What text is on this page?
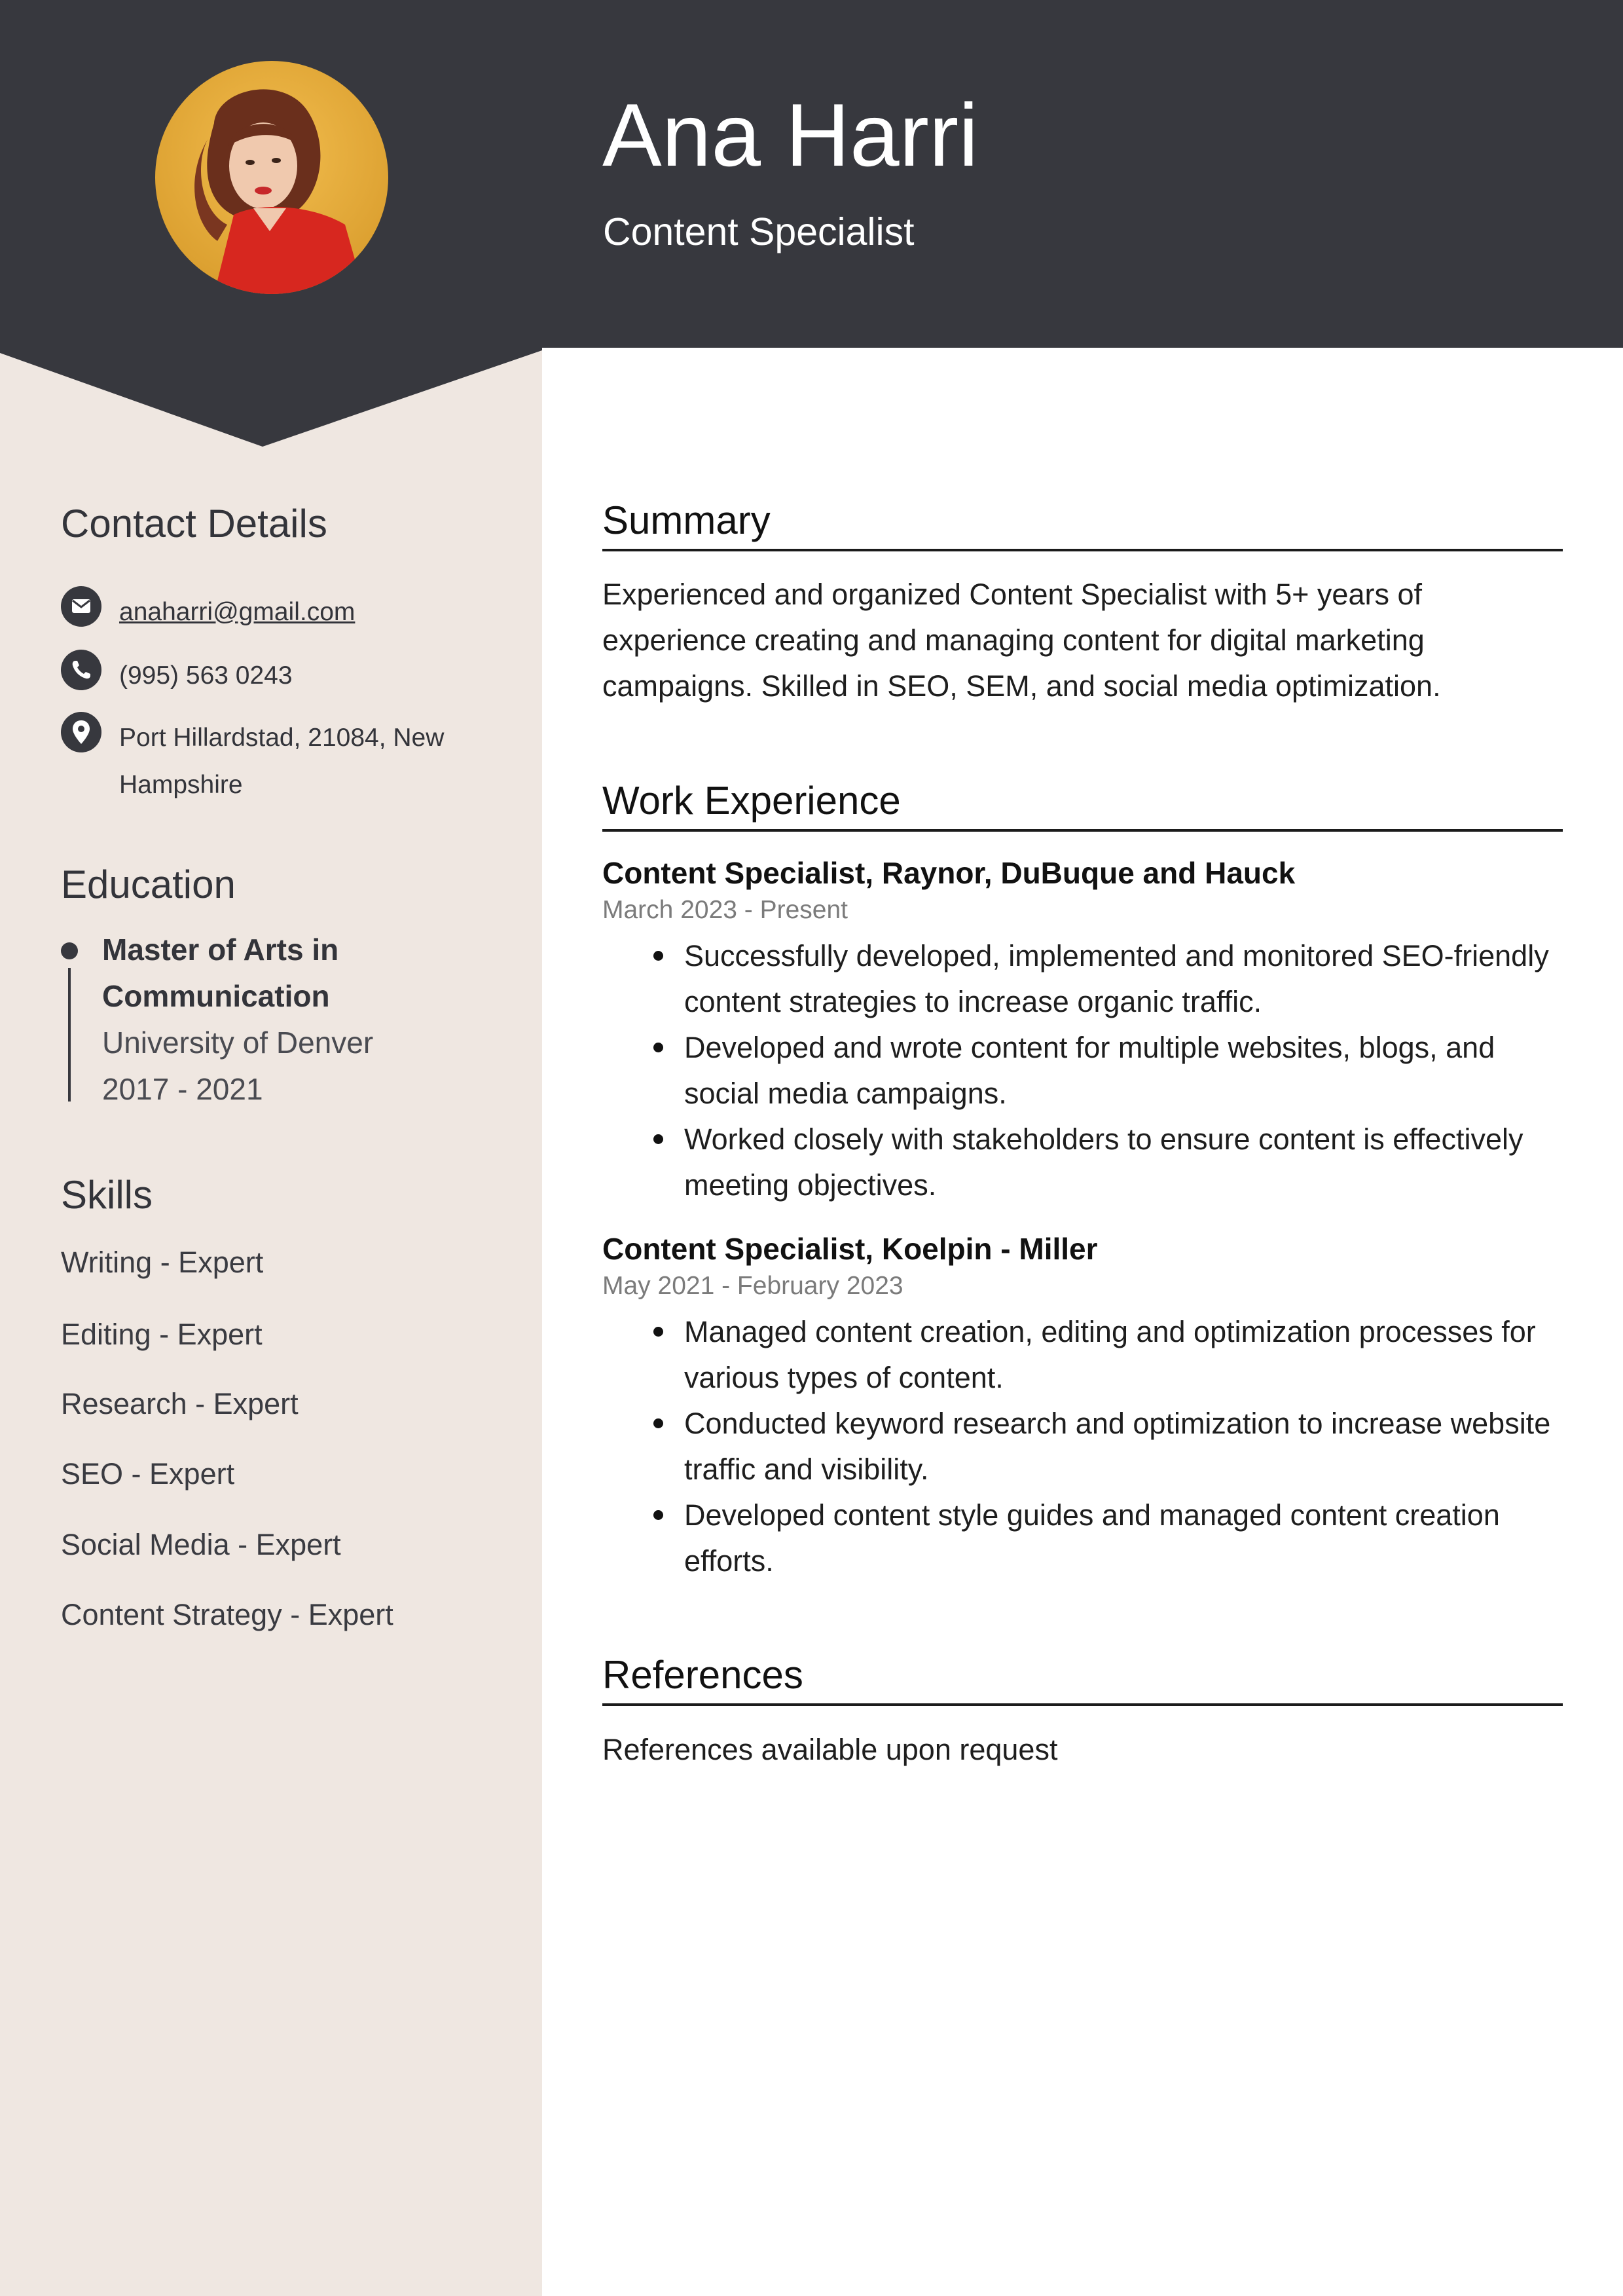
Ana Harri
Content Specialist
Contact Details
anaharri@gmail.com
(995) 563 0243
Port Hillardstad, 21084, New Hampshire
Education
Master of Arts in Communication
University of Denver
2017 - 2021
Skills
Writing - Expert
Editing - Expert
Research - Expert
SEO - Expert
Social Media - Expert
Content Strategy - Expert
Summary
Experienced and organized Content Specialist with 5+ years of experience creating and managing content for digital marketing campaigns. Skilled in SEO, SEM, and social media optimization.
Work Experience
Content Specialist, Raynor, DuBuque and Hauck
March 2023 - Present
Successfully developed, implemented and monitored SEO-friendly content strategies to increase organic traffic.
Developed and wrote content for multiple websites, blogs, and social media campaigns.
Worked closely with stakeholders to ensure content is effectively meeting objectives.
Content Specialist, Koelpin - Miller
May 2021 - February 2023
Managed content creation, editing and optimization processes for various types of content.
Conducted keyword research and optimization to increase website traffic and visibility.
Developed content style guides and managed content creation efforts.
References
References available upon request
